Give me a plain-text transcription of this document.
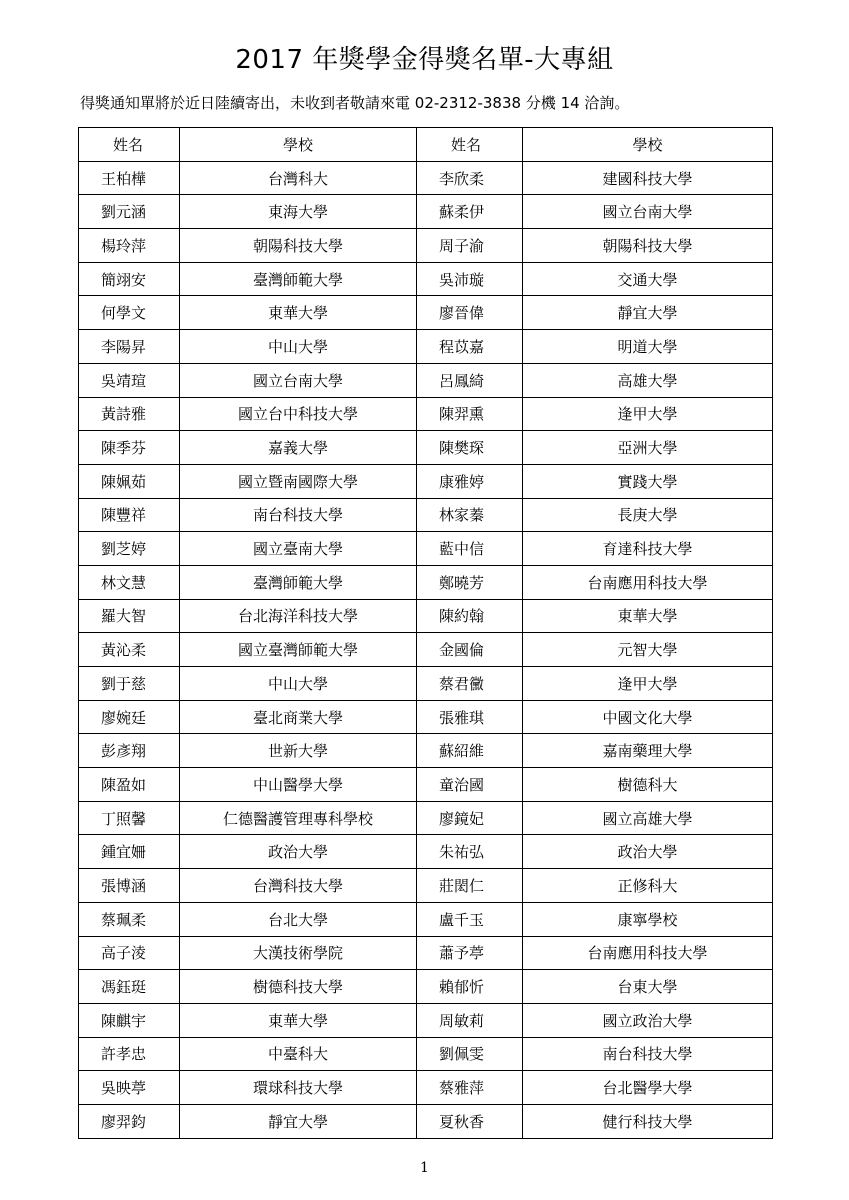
2017 年獎學金得獎名單-大專組
得獎通知單將於近日陸續寄出，未收到者敬請來電 02-2312-3838 分機 14 洽詢。
姓名	學校	姓名	學校
王柏樺	台灣科大	李欣柔	建國科技大學
劉元涵	東海大學	蘇柔伊	國立台南大學
楊玲萍	朝陽科技大學	周子渝	朝陽科技大學
簡翊安	臺灣師範大學	吳沛璇	交通大學
何學文	東華大學	廖晉偉	靜宜大學
李陽昇	中山大學	程苡嘉	明道大學
吳靖瑄	國立台南大學	呂鳳綺	高雄大學
黃詩雅	國立台中科技大學	陳羿熏	逢甲大學
陳季芬	嘉義大學	陳樊琛	亞洲大學
陳姵茹	國立暨南國際大學	康雅婷	實踐大學
陳豐祥	南台科技大學	林家蓁	長庚大學
劉芝婷	國立臺南大學	藍中信	育達科技大學
林文慧	臺灣師範大學	鄭曉芳	台南應用科技大學
羅大智	台北海洋科技大學	陳約翰	東華大學
黃沁柔	國立臺灣師範大學	金國倫	元智大學
劉于慈	中山大學	蔡君黴	逢甲大學
廖婉廷	臺北商業大學	張雅琪	中國文化大學
彭彥翔	世新大學	蘇紹維	嘉南藥理大學
陳盈如	中山醫學大學	童治國	樹德科大
丁照馨	仁德醫護管理專科學校	廖鏡妃	國立高雄大學
鍾宜姍	政治大學	朱祐弘	政治大學
張博涵	台灣科技大學	莊閎仁	正修科大
蔡珮柔	台北大學	盧千玉	康寧學校
高子淩	大漢技術學院	蕭予葶	台南應用科技大學
馮鈺珽	樹德科技大學	賴郁忻	台東大學
陳麒宇	東華大學	周敏莉	國立政治大學
許孝忠	中臺科大	劉佩雯	南台科技大學
吳映葶	環球科技大學	蔡雅萍	台北醫學大學
廖羿鈞	靜宜大學	夏秋香	健行科技大學
1
